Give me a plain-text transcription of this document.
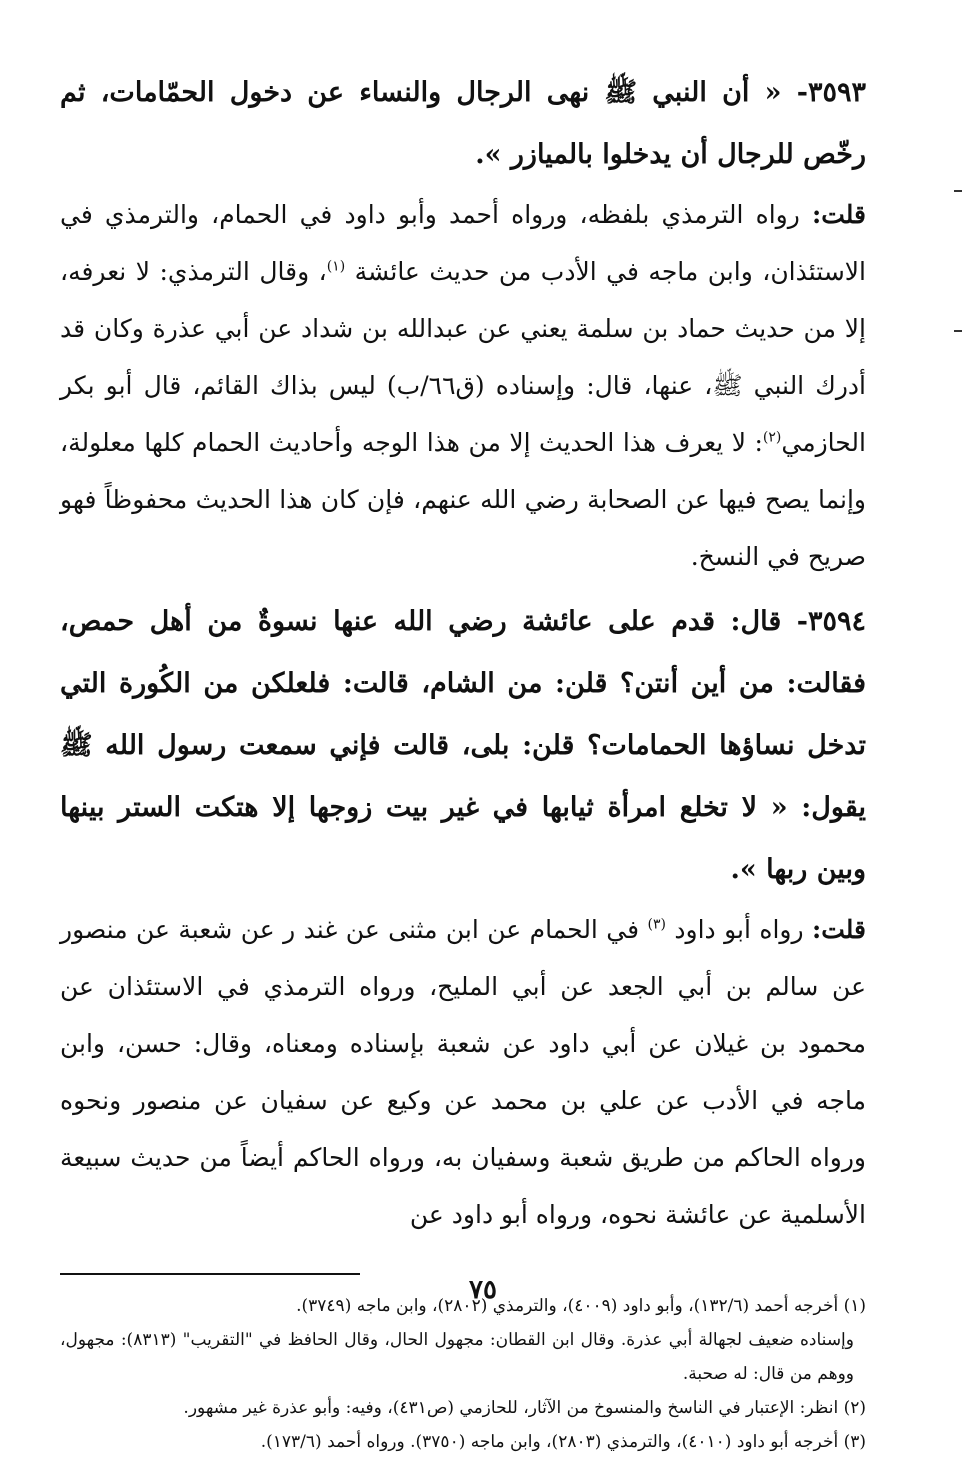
٣٥٩٣- « أن النبي ﷺ نهى الرجال والنساء عن دخول الحمّامات، ثم رخّص للرجال أن يدخلوا بالميازر ».

قلت: رواه الترمذي بلفظه، ورواه أحمد وأبو داود في الحمام، والترمذي في الاستئذان، وابن ماجه في الأدب من حديث عائشة $^{(١)}$، وقال الترمذي: لا نعرفه، إلا من حديث حماد بن سلمة يعني عن عبدالله بن شداد عن أبي عذرة وكان قد أدرك النبي ﷺ، عنها، قال: وإسناده (ق٦٦/ب) ليس بذاك القائم، قال أبو بكر الحازمي$^{(٢)}$: لا يعرف هذا الحديث إلا من هذا الوجه وأحاديث الحمام كلها معلولة، وإنما يصح فيها عن الصحابة رضي الله عنهم، فإن كان هذا الحديث محفوظاً فهو صريح في النسخ.

٣٥٩٤- قال: قدم على عائشة رضي الله عنها نسوةٌ من أهل حمص، فقالت: من أين أنتن؟ قلن: من الشام، قالت: فلعلكن من الكُورة التي تدخل نساؤها الحمامات؟ قلن: بلى، قالت فإني سمعت رسول الله ﷺ يقول: « لا تخلع امرأة ثيابها في غير بيت زوجها إلا هتكت الستر بينها وبين ربها ».

قلت: رواه أبو داود $^{(٣)}$ في الحمام عن ابن مثنى عن غند ر عن شعبة عن منصور عن سالم بن أبي الجعد عن أبي المليح، ورواه الترمذي في الاستئذان عن محمود بن غيلان عن أبي داود عن شعبة بإسناده ومعناه، وقال: حسن، وابن ماجه في الأدب عن علي بن محمد عن وكيع عن سفيان عن منصور ونحوه ورواه الحاكم من طريق شعبة وسفيان به، ورواه الحاكم أيضاً من حديث سبيعة الأسلمية عن عائشة نحوه، ورواه أبو داود عن

(١) أخرجه أحمد (١٣٢/٦)، وأبو داود (٤٠٠٩)، والترمذي (٢٨٠٢)، وابن ماجه (٣٧٤٩).

وإسناده ضعيف لجهالة أبي عذرة. وقال ابن القطان: مجهول الحال، وقال الحافظ في "التقريب" (٨٣١٣): مجهول، ووهم من قال: له صحبة.

(٢) انظر: الإعتبار في الناسخ والمنسوخ من الآثار، للحازمي (ص٤٣١)، وفيه: وأبو عذرة غير مشهور.

(٣) أخرجه أبو داود (٤٠١٠)، والترمذي (٢٨٠٣)، وابن ماجه (٣٧٥٠). ورواه أحمد (١٧٣/٦).

٧٥
